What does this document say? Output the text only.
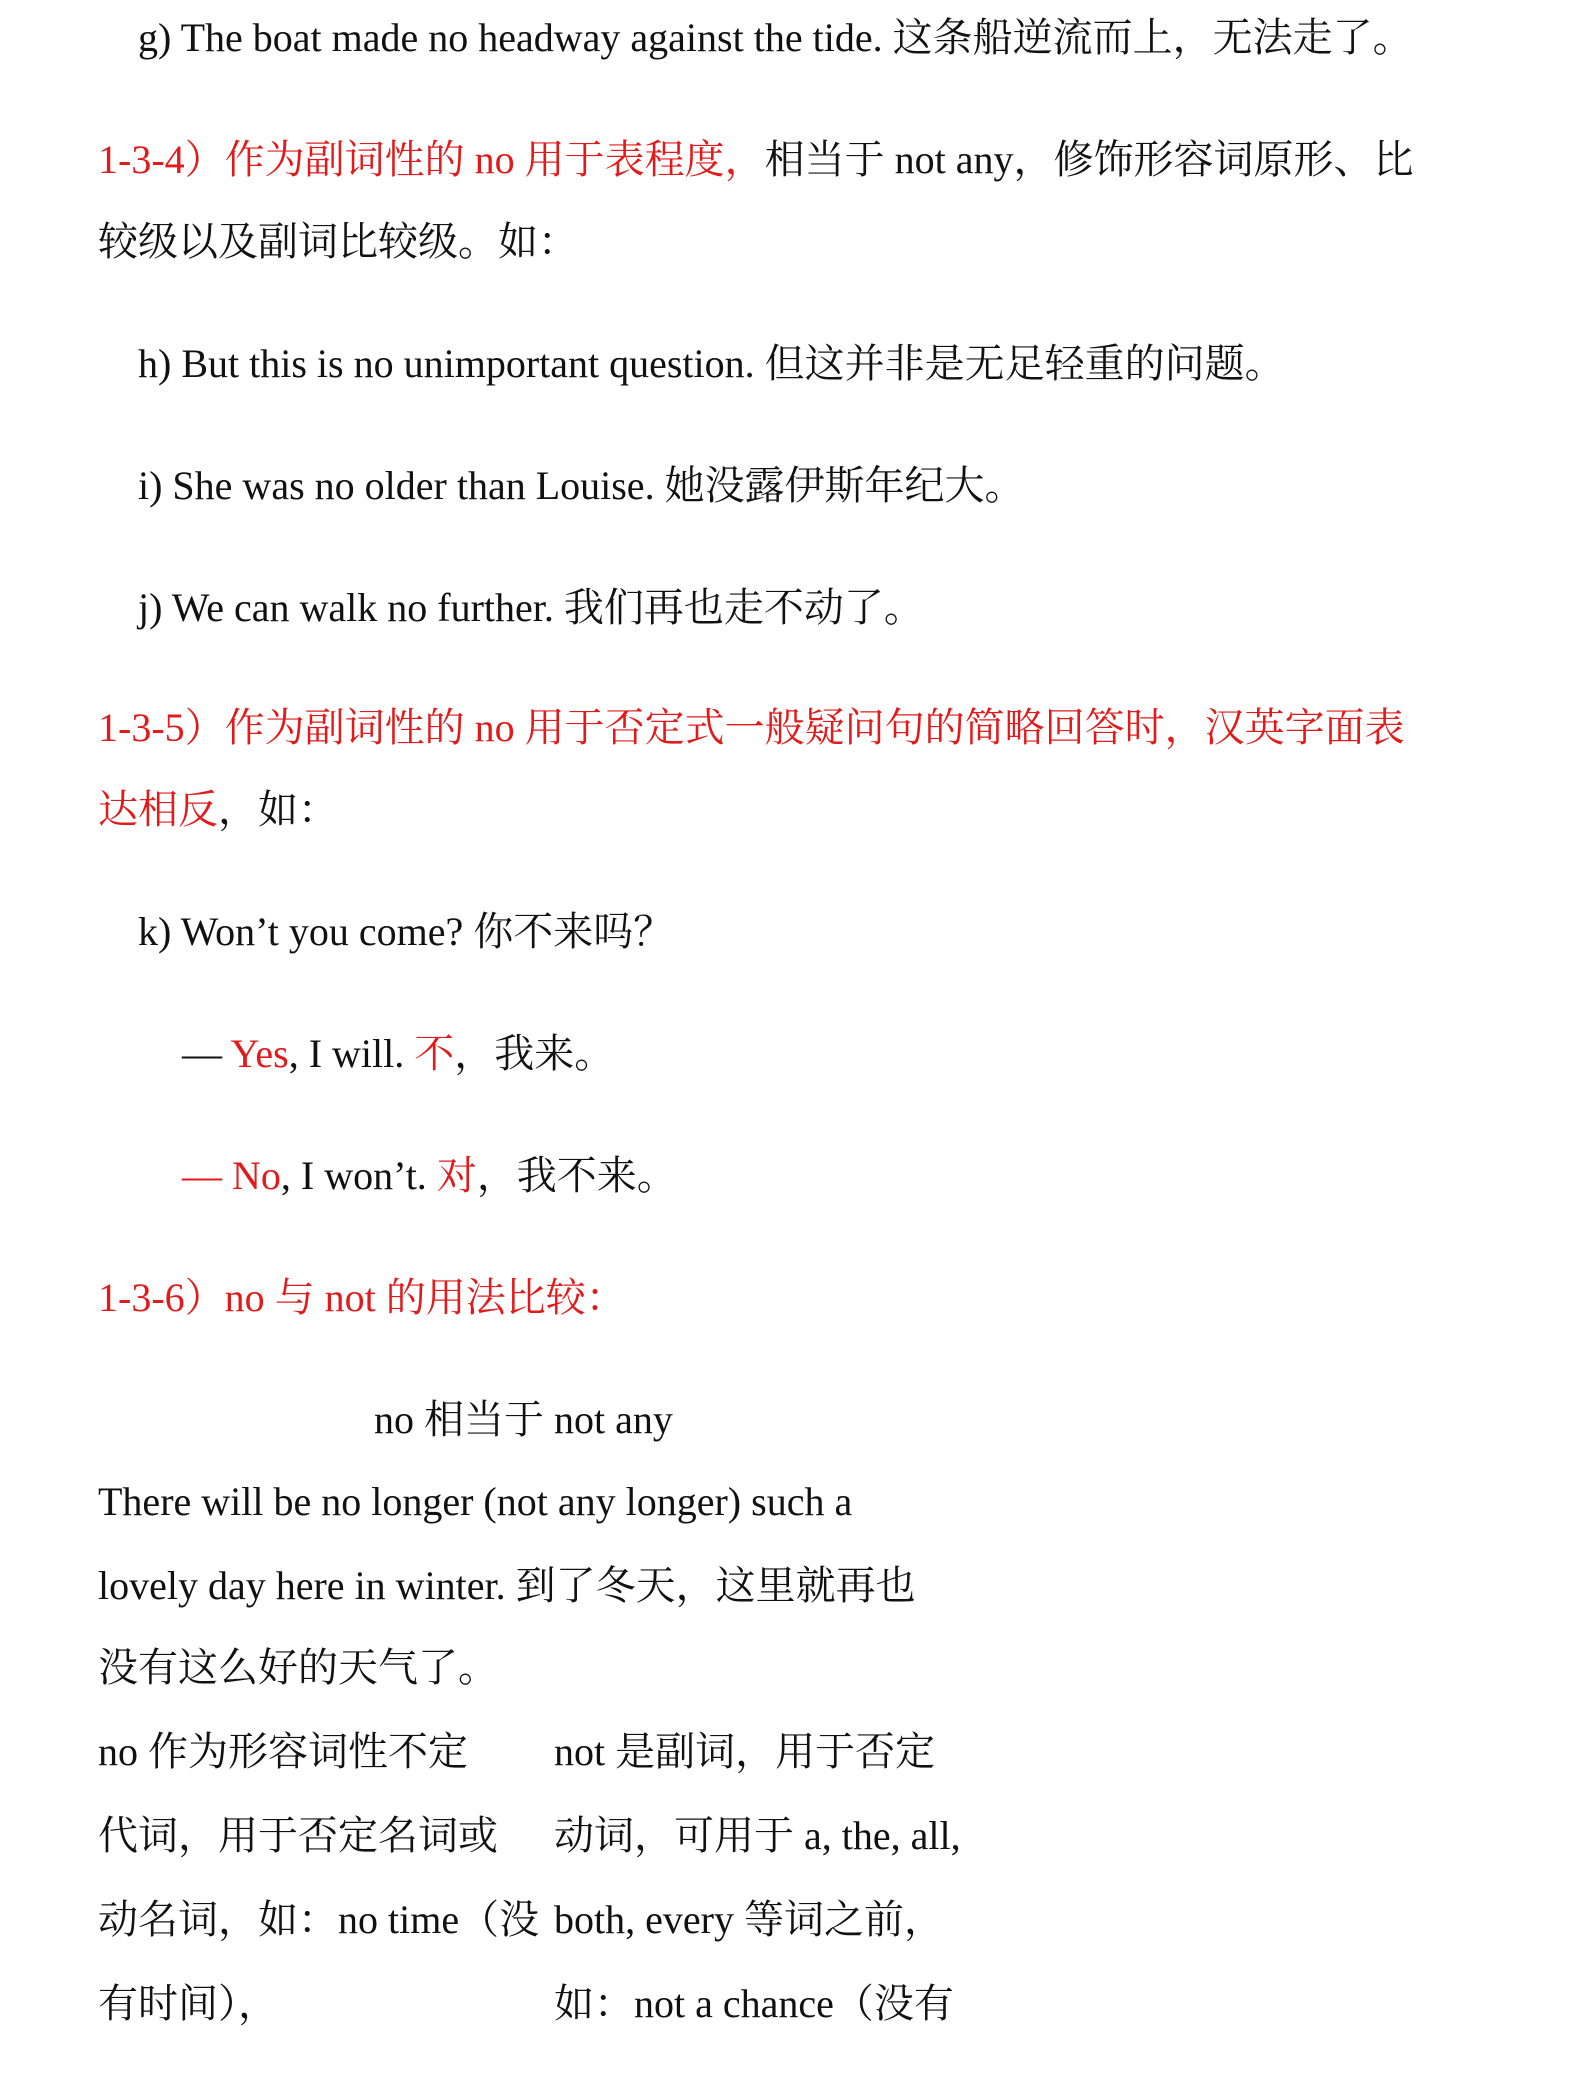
g) The boat made no headway against the tide. 这条船逆流而上，无法走了。
1-3-4）作为副词性的 no 用于表程度，相当于 not any，修饰形容词原形、比
较级以及副词比较级。如：
h) But this is no unimportant question. 但这并非是无足轻重的问题。
i) She was no older than Louise. 她没露伊斯年纪大。
j) We can walk no further. 我们再也走不动了。
1-3-5）作为副词性的 no 用于否定式一般疑问句的简略回答时，汉英字面表
达相反，如：
k) Won’t you come? 你不来吗？
— Yes, I will. 不，我来。
— No, I won’t. 对，我不来。
1-3-6）no 与 not 的用法比较：
no 相当于 not any
There will be no longer (not any longer) such a
lovely day here in winter. 到了冬天，这里就再也
没有这么好的天气了。
no 作为形容词性不定
代词，用于否定名词或
动名词，如：no time（没
有时间），
not 是副词，用于否定
动词，可用于 a, the, all,
both, every 等词之前，
如：not a chance（没有
